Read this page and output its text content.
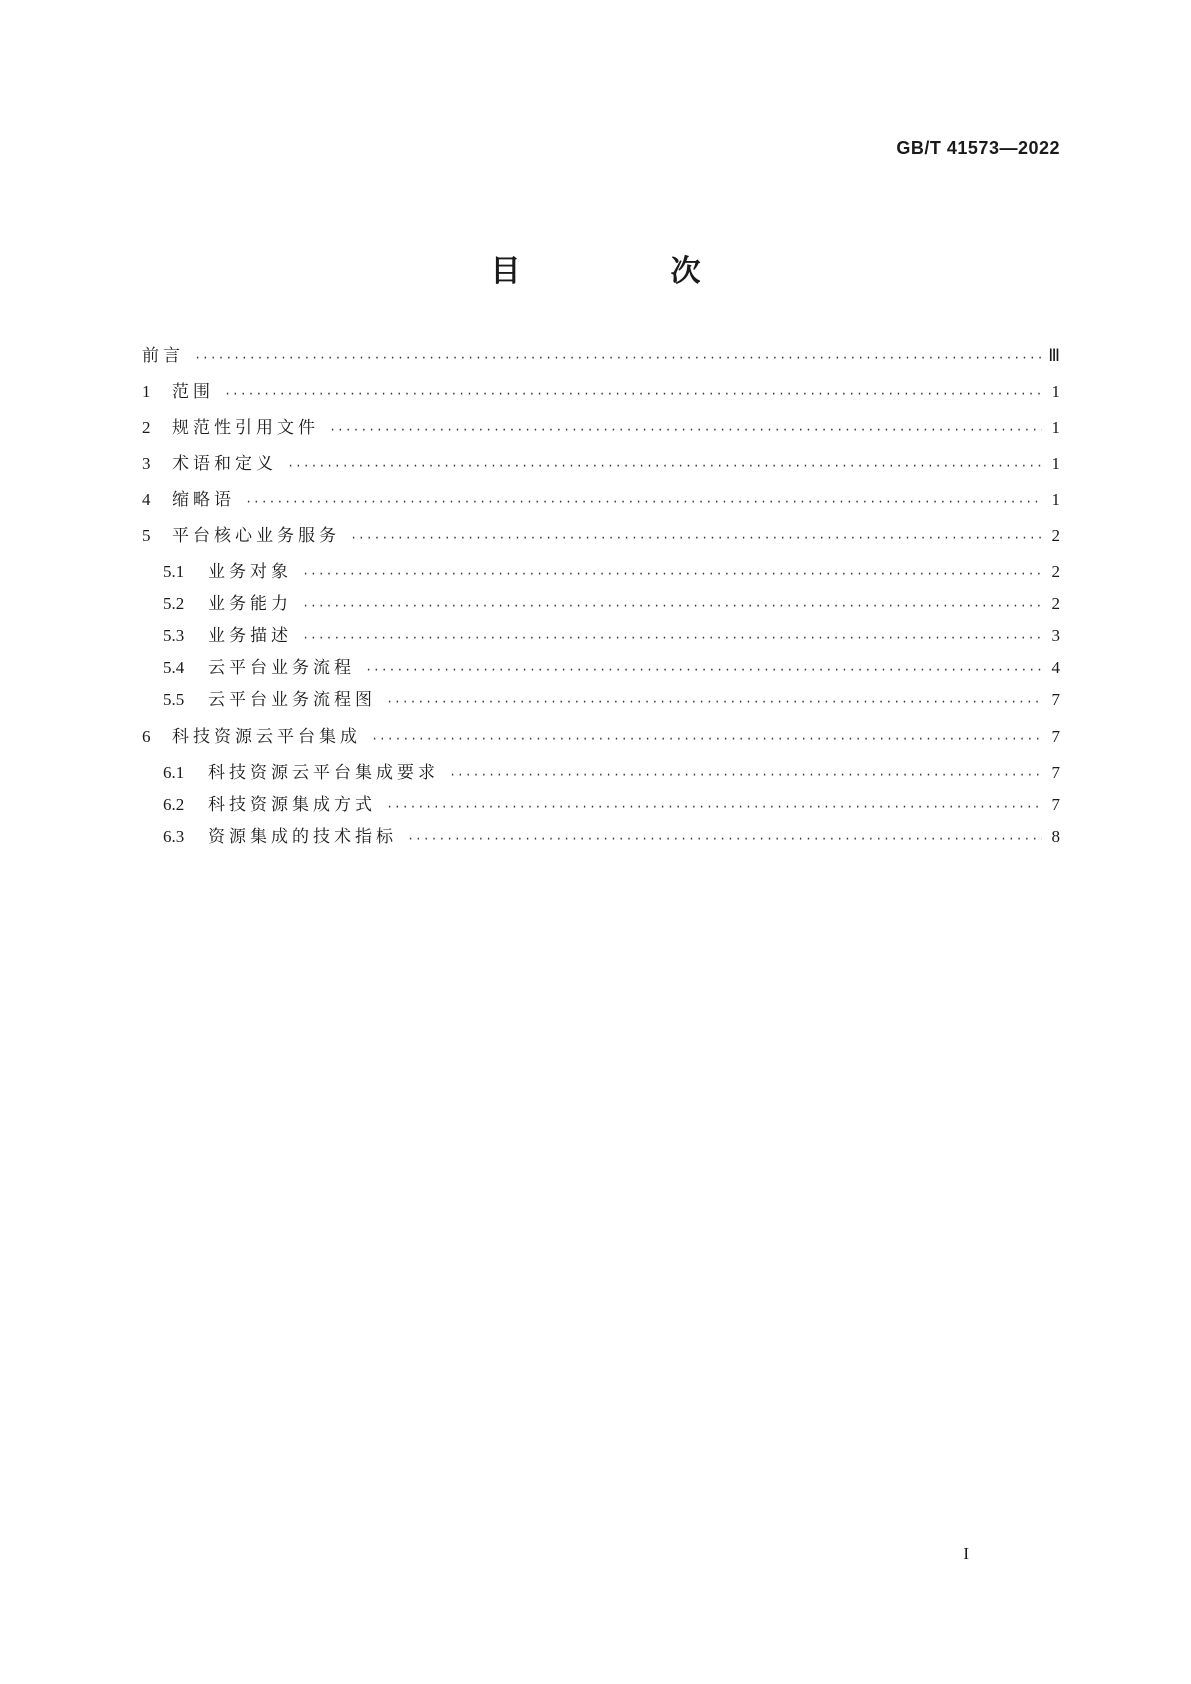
GB/T 41573—2022
目　次
前言 ·····	Ⅲ
1	范围 ·····	1
2	规范性引用文件 ·····	1
3	术语和定义 ·····	1
4	缩略语 ·····	1
5	平台核心业务服务 ·····	2
5.1	业务对象 ·····	2
5.2	业务能力 ·····	2
5.3	业务描述 ·····	3
5.4	云平台业务流程 ·····	4
5.5	云平台业务流程图 ·····	7
6	科技资源云平台集成 ·····	7
6.1	科技资源云平台集成要求 ·····	7
6.2	科技资源集成方式 ·····	7
6.3	资源集成的技术指标 ·····	8
I
